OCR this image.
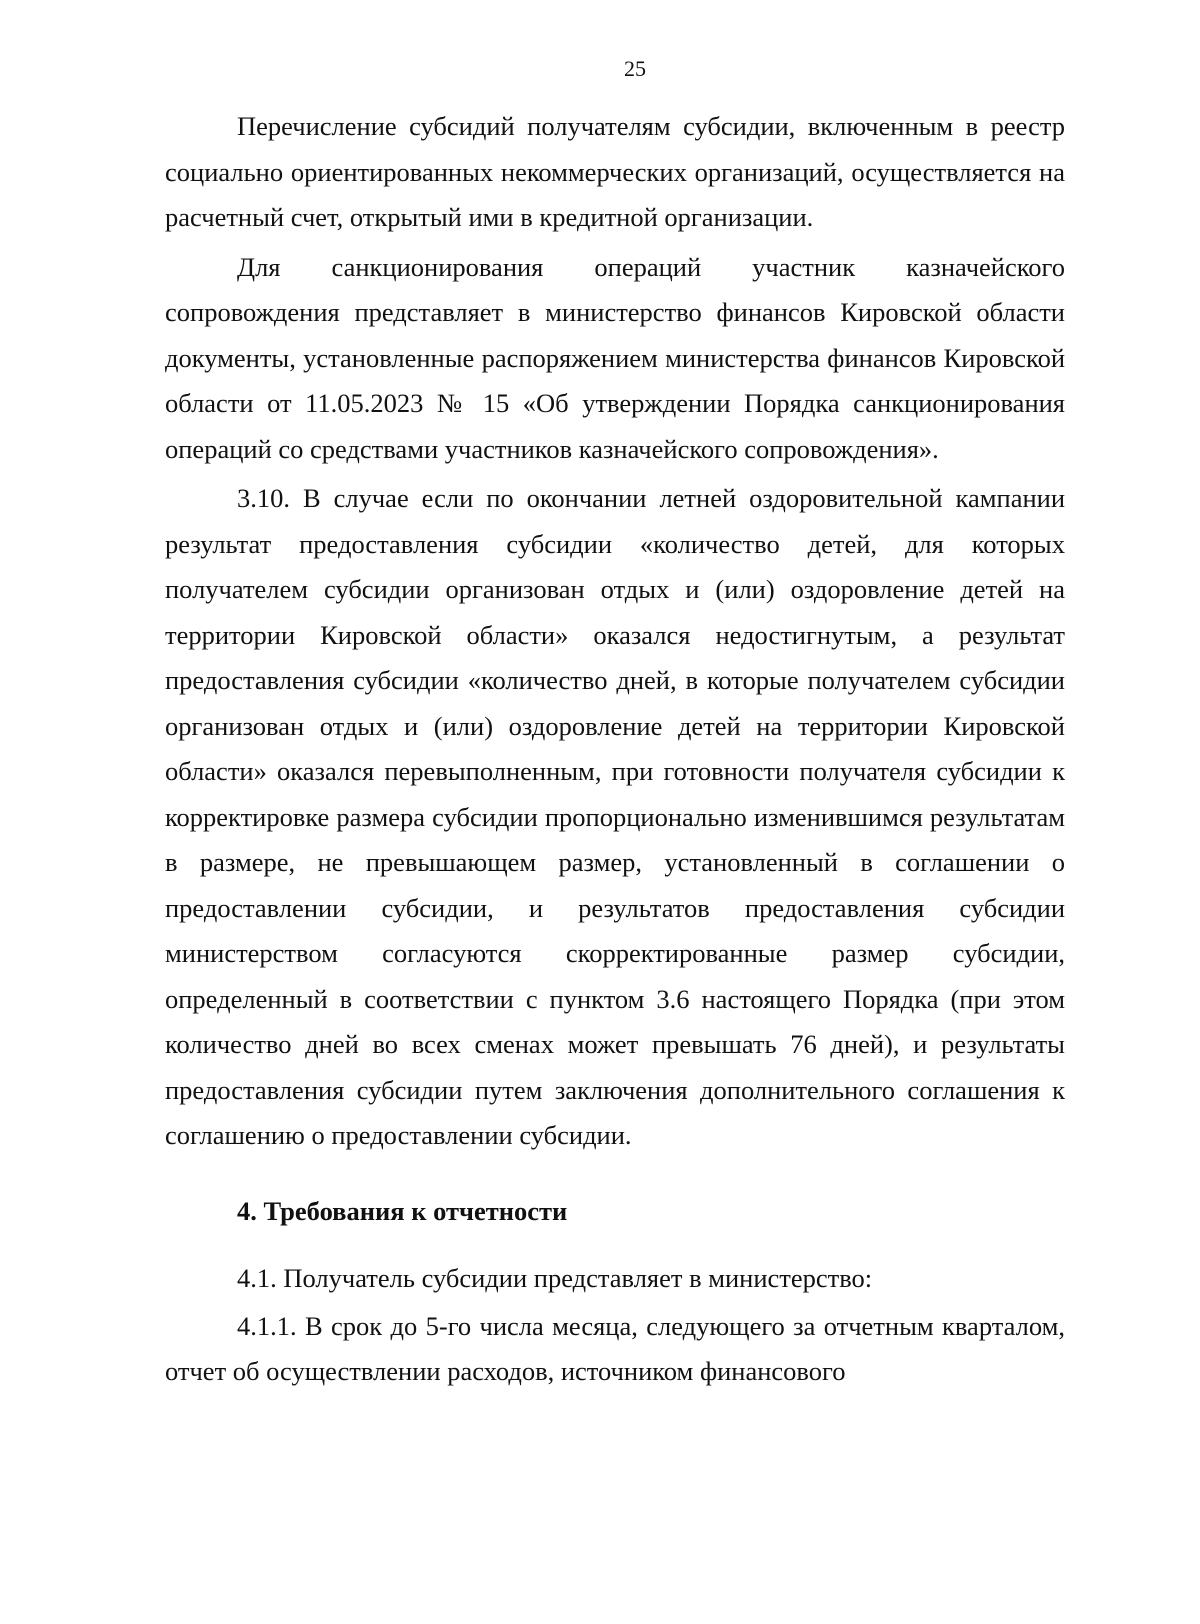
25

Перечисление субсидий получателям субсидии, включенным в реестр социально ориентированных некоммерческих организаций, осуществляется на расчетный счет, открытый ими в кредитной организации.

Для санкционирования операций участник казначейского сопровождения представляет в министерство финансов Кировской области документы, установленные распоряжением министерства финансов Кировской области от 11.05.2023 № 15 «Об утверждении Порядка санкционирования операций со средствами участников казначейского сопровождения».

3.10. В случае если по окончании летней оздоровительной кампании результат предоставления субсидии «количество детей, для которых получателем субсидии организован отдых и (или) оздоровление детей на территории Кировской области» оказался недостигнутым, а результат предоставления субсидии «количество дней, в которые получателем субсидии организован отдых и (или) оздоровление детей на территории Кировской области» оказался перевыполненным, при готовности получателя субсидии к корректировке размера субсидии пропорционально изменившимся результатам в размере, не превышающем размер, установленный в соглашении о предоставлении субсидии, и результатов предоставления субсидии министерством согласуются скорректированные размер субсидии, определенный в соответствии с пунктом 3.6 настоящего Порядка (при этом количество дней во всех сменах может превышать 76 дней), и результаты предоставления субсидии путем заключения дополнительного соглашения к соглашению о предоставлении субсидии.

4. Требования к отчетности

4.1. Получатель субсидии представляет в министерство:

4.1.1. В срок до 5-го числа месяца, следующего за отчетным кварталом, отчет об осуществлении расходов, источником финансового
